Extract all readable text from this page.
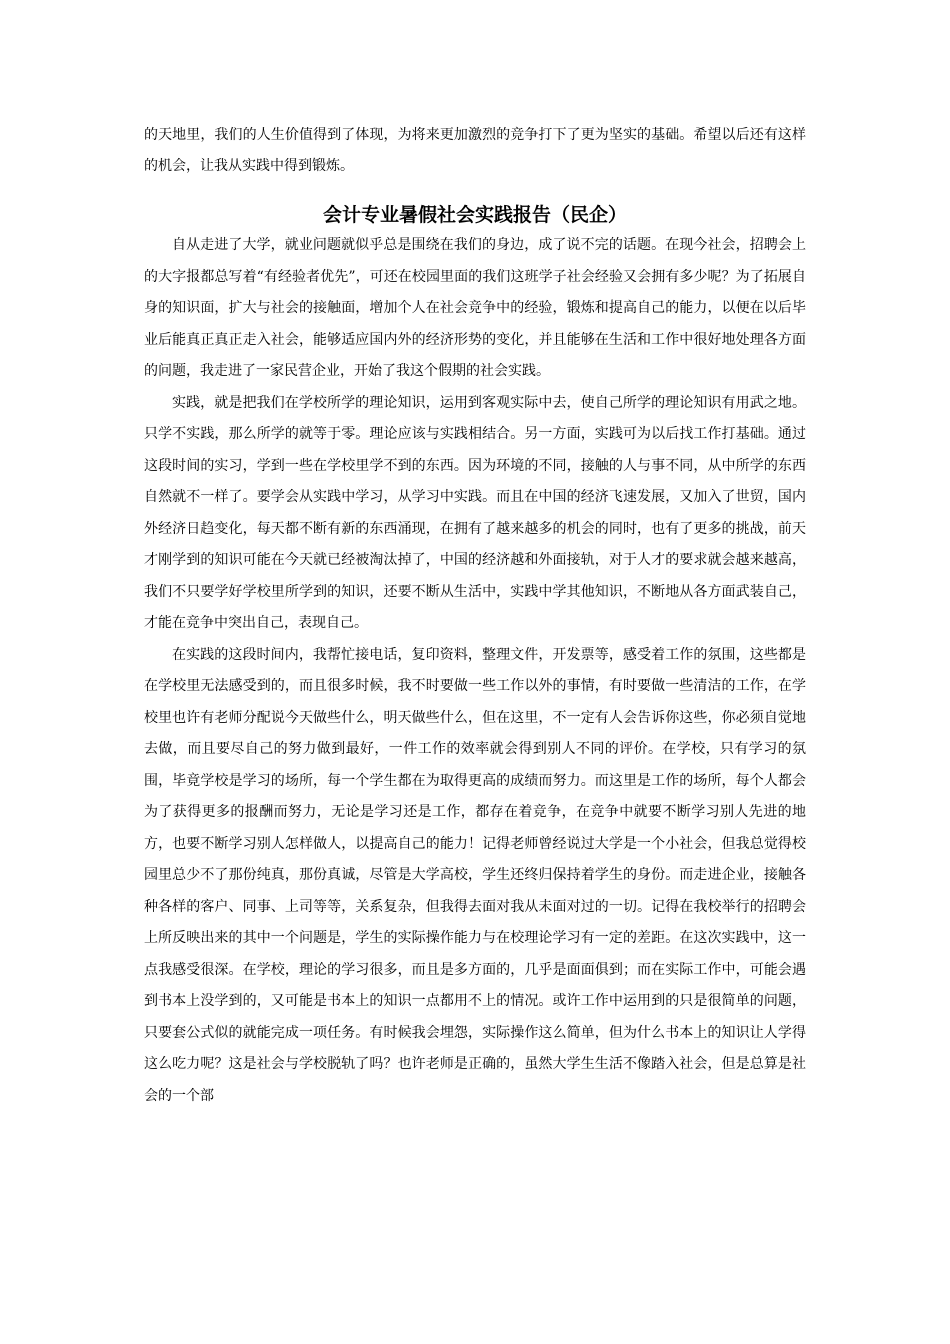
的天地里，我们的人生价值得到了体现，为将来更加激烈的竞争打下了更为坚实的基础。希望以后还有这样的机会，让我从实践中得到锻炼。

会计专业暑假社会实践报告（民企）

自从走进了大学，就业问题就似乎总是围绕在我们的身边，成了说不完的话题。在现今社会，招聘会上的大字报都总写着“有经验者优先”，可还在校园里面的我们这班学子社会经验又会拥有多少呢？为了拓展自身的知识面，扩大与社会的接触面，增加个人在社会竞争中的经验，锻炼和提高自己的能力，以便在以后毕业后能真正真正走入社会，能够适应国内外的经济形势的变化，并且能够在生活和工作中很好地处理各方面的问题，我走进了一家民营企业，开始了我这个假期的社会实践。

实践，就是把我们在学校所学的理论知识，运用到客观实际中去，使自己所学的理论知识有用武之地。只学不实践，那么所学的就等于零。理论应该与实践相结合。另一方面，实践可为以后找工作打基础。通过这段时间的实习，学到一些在学校里学不到的东西。因为环境的不同，接触的人与事不同，从中所学的东西自然就不一样了。要学会从实践中学习，从学习中实践。而且在中国的经济飞速发展，又加入了世贸，国内外经济日趋变化，每天都不断有新的东西涌现，在拥有了越来越多的机会的同时，也有了更多的挑战，前天才刚学到的知识可能在今天就已经被淘汰掉了，中国的经济越和外面接轨，对于人才的要求就会越来越高，我们不只要学好学校里所学到的知识，还要不断从生活中，实践中学其他知识，不断地从各方面武装自己，才能在竞争中突出自己，表现自己。

在实践的这段时间内，我帮忙接电话，复印资料，整理文件，开发票等，感受着工作的氛围，这些都是在学校里无法感受到的，而且很多时候，我不时要做一些工作以外的事情，有时要做一些清洁的工作，在学校里也许有老师分配说今天做些什么，明天做些什么，但在这里，不一定有人会告诉你这些，你必须自觉地去做，而且要尽自己的努力做到最好，一件工作的效率就会得到别人不同的评价。在学校，只有学习的氛围，毕竟学校是学习的场所，每一个学生都在为取得更高的成绩而努力。而这里是工作的场所，每个人都会为了获得更多的报酬而努力，无论是学习还是工作，都存在着竞争，在竞争中就要不断学习别人先进的地方，也要不断学习别人怎样做人，以提高自己的能力！记得老师曾经说过大学是一个小社会，但我总觉得校园里总少不了那份纯真，那份真诚，尽管是大学高校，学生还终归保持着学生的身份。而走进企业，接触各种各样的客户、同事、上司等等，关系复杂，但我得去面对我从未面对过的一切。记得在我校举行的招聘会上所反映出来的其中一个问题是，学生的实际操作能力与在校理论学习有一定的差距。在这次实践中，这一点我感受很深。在学校，理论的学习很多，而且是多方面的，几乎是面面俱到；而在实际工作中，可能会遇到书本上没学到的，又可能是书本上的知识一点都用不上的情况。或许工作中运用到的只是很简单的问题，只要套公式似的就能完成一项任务。有时候我会埋怨，实际操作这么简单，但为什么书本上的知识让人学得这么吃力呢？这是社会与学校脱轨了吗？也许老师是正确的，虽然大学生生活不像踏入社会，但是总算是社会的一个部
